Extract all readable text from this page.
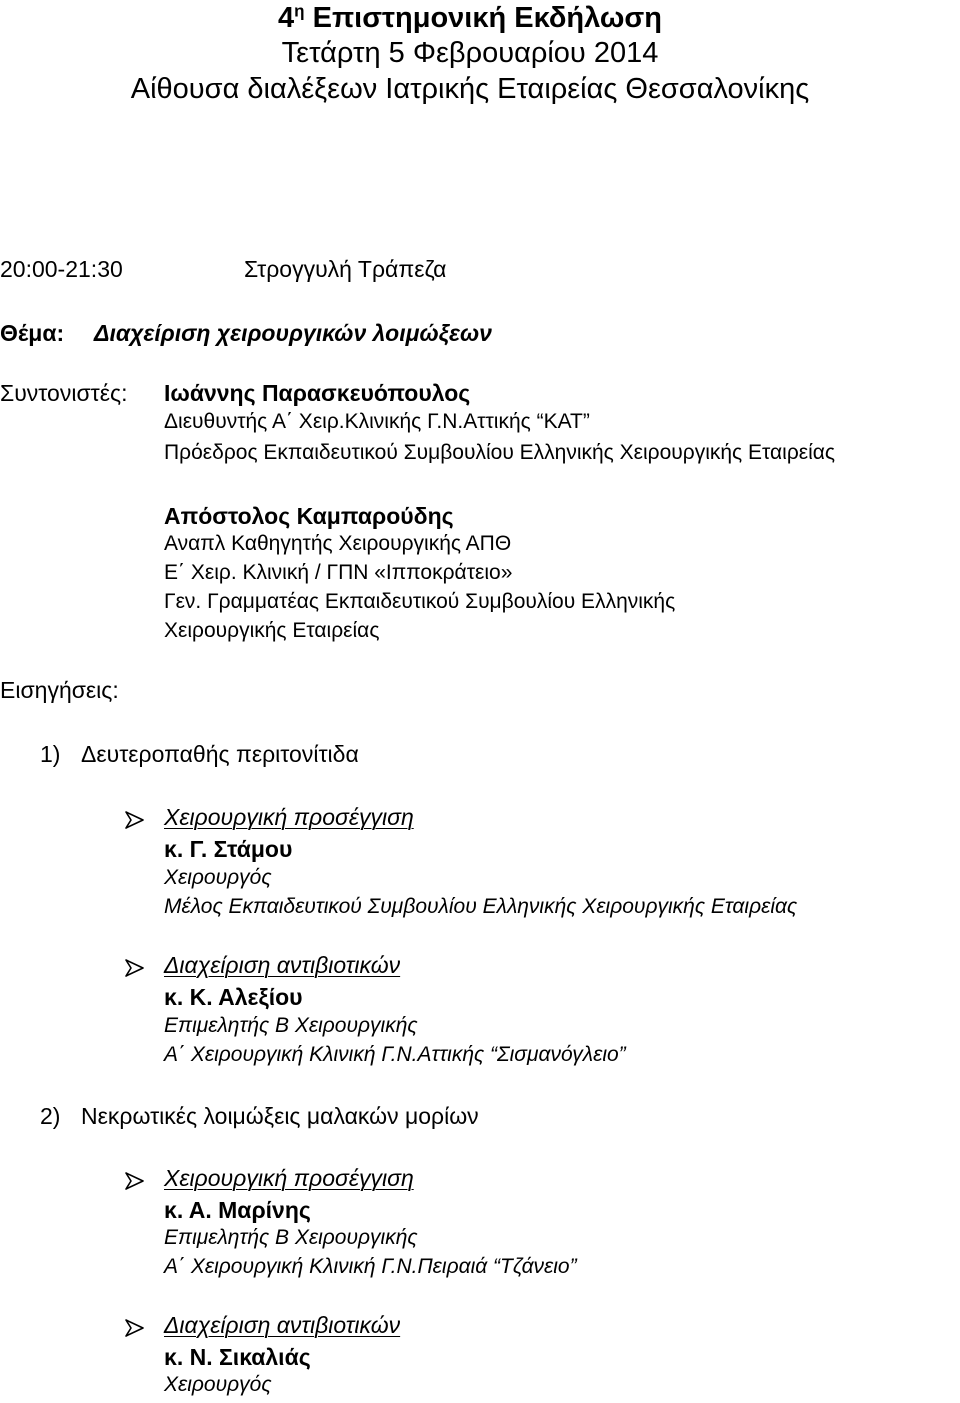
$4^\eta$ Επιστημονική Εκδήλωση
Τετάρτη 5 Φεβρουαρίου 2014
Αίθουσα διαλέξεων Ιατρικής Εταιρείας Θεσσαλονίκης
20:00-21:30	Στρογγυλή Τράπεζα
Θέμα: Διαχείριση χειρουργικών λοιμώξεων
Συντονιστές: Ιωάννης Παρασκευόπουλος
Διευθυντής Α΄ Χειρ.Κλινικής Γ.Ν.Αττικής “ΚΑΤ”
Πρόεδρος Εκπαιδευτικού Συμβουλίου Ελληνικής Χειρουργικής Εταιρείας
Απόστολος Καμπαρούδης
Αναπλ Καθηγητής Χειρουργικής ΑΠΘ
Ε΄ Χειρ. Κλινική / ΓΠΝ «Ιπποκράτειο»
Γεν. Γραμματέας Εκπαιδευτικού Συμβουλίου Ελληνικής
Χειρουργικής Εταιρείας
Εισηγήσεις:
1) Δευτεροπαθής περιτονίτιδα
Χειρουργική προσέγγιση
κ. Γ. Στάμου
Χειρουργός
Μέλος Εκπαιδευτικού Συμβουλίου Ελληνικής Χειρουργικής Εταιρείας
Διαχείριση αντιβιοτικών
κ. Κ. Αλεξίου
Επιμελητής Β Χειρουργικής
Α΄ Χειρουργική Κλινική Γ.Ν.Αττικής “Σισμανόγλειο”
2) Νεκρωτικές λοιμώξεις μαλακών μορίων
Χειρουργική προσέγγιση
κ. Α. Μαρίνης
Επιμελητής Β Χειρουργικής
Α΄ Χειρουργική Κλινική Γ.Ν.Πειραιά “Τζάνειο”
Διαχείριση αντιβιοτικών
κ. Ν. Σικαλιάς
Χειρουργός
